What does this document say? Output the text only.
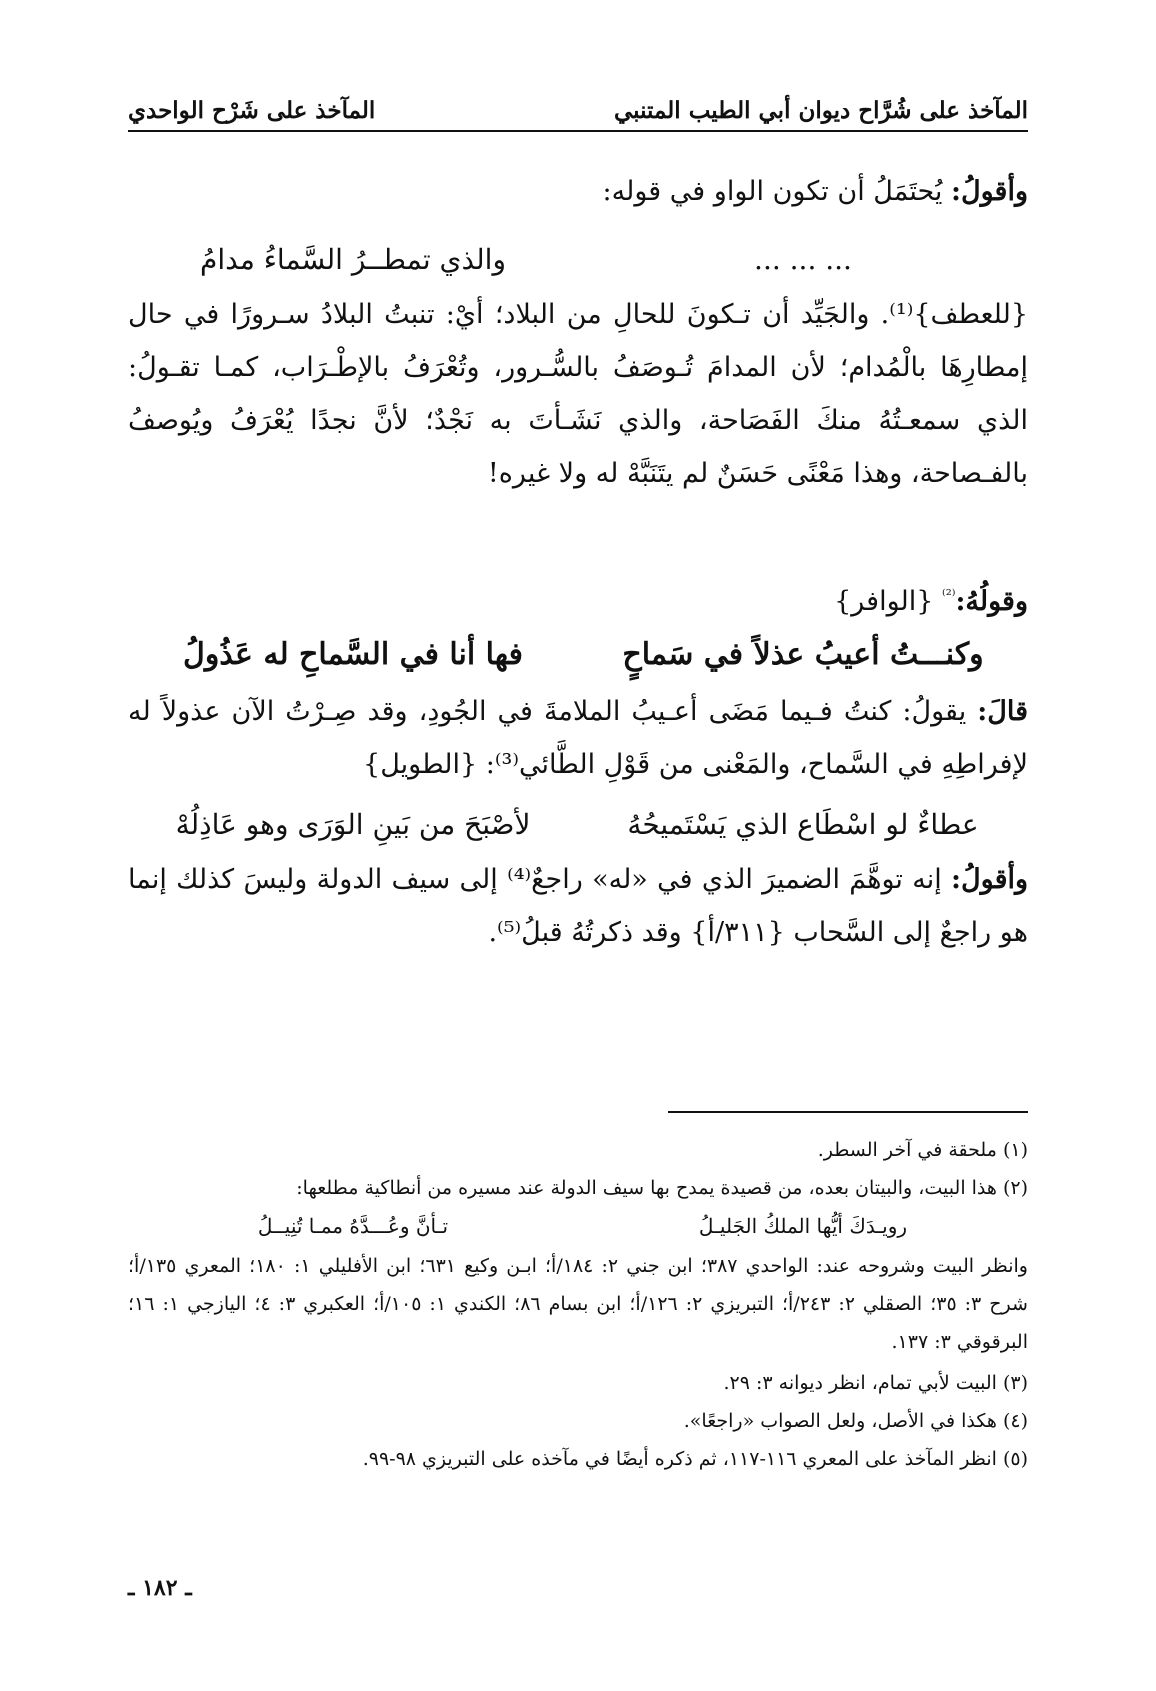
المآخذ على شُرَّاح ديوان أبي الطيب المتنبي
المآخذ على شَرْح الواحدي
وأقولُ: يُحتَمَلُ أن تكون الواو في قوله:
... ... ...
والذي تمطــرُ السَّماءُ مدامُ
{للعطف}⁽¹⁾. والجَيِّد أن تـكونَ للحالِ من البلاد؛ أيْ: تنبتُ البلادُ سـرورًا في حال إمطارِهَا بالْمُدام؛ لأن المدامَ تُـوصَفُ بالسُّـرور، وتُعْرَفُ بالإطْـرَاب، كمـا تقـولُ: الذي سمعـتُهُ منكَ الفَصَاحة، والذي نَشَـأتَ به نَجْدٌ؛ لأنَّ نجدًا يُعْرَفُ ويُوصفُ بالفـصاحة، وهذا مَعْنًى حَسَنٌ لم يتَنَبَّهْ له ولا غيره!
وقولُهُ:$^{^{(2)}}$ {الوافر}
وكنـــتُ أعيبُ عذلاً في سَماحٍ
فها أنا في السَّماحِ له عَذُولُ
قالَ: يقولُ: كنتُ فـيما مَضَى أعـيبُ الملامةَ في الجُودِ، وقد صِـرْتُ الآن عذولاً له لإفراطِهِ في السَّماح، والمَعْنى من قَوْلِ الطَّائي⁽³⁾: {الطويل}
عطاءٌ لو اسْطَاع الذي يَسْتَميحُهُ
لأصْبَحَ من بَينِ الوَرَى وهو عَاذِلُهْ
وأقولُ: إنه توهَّمَ الضميرَ الذي في «له» راجعٌ⁽⁴⁾ إلى سيف الدولة وليسَ كذلك إنما هو راجعٌ إلى السَّحاب {٣١١/أ} وقد ذكرتُهُ قبلُ⁽⁵⁾.
(١) ملحقة في آخر السطر.
(٢) هذا البيت، والبيتان بعده، من قصيدة يمدح بها سيف الدولة عند مسيره من أنطاكية مطلعها:
رويـدَكَ أيُّها الملكُ الجَليـلُ
تـأنَّ وعُـــدَّهُ ممـا تُنِيــلُ
وانظر البيت وشروحه عند: الواحدي ٣٨٧؛ ابن جني ٢: ١٨٤/أ؛ ابـن وكيع ٦٣١؛ ابن الأفليلي ١: ١٨٠؛ المعري ١٣٥/أ؛ شرح ٣: ٣٥؛ الصقلي ٢: ٢٤٣/أ؛ التبريزي ٢: ١٢٦/أ؛ ابن بسام ٨٦؛ الكندي ١: ١٠٥/أ؛ العكبري ٣: ٤؛ اليازجي ١: ١٦؛ البرقوقي ٣: ١٣٧.
(٣) البيت لأبي تمام، انظر ديوانه ٣: ٢٩.
(٤) هكذا في الأصل، ولعل الصواب «راجعًا».
(٥) انظر المآخذ على المعري ١١٦-١١٧، ثم ذكره أيضًا في مآخذه على التبريزي ٩٨-٩٩.
ـ ١٨٢ ـ
